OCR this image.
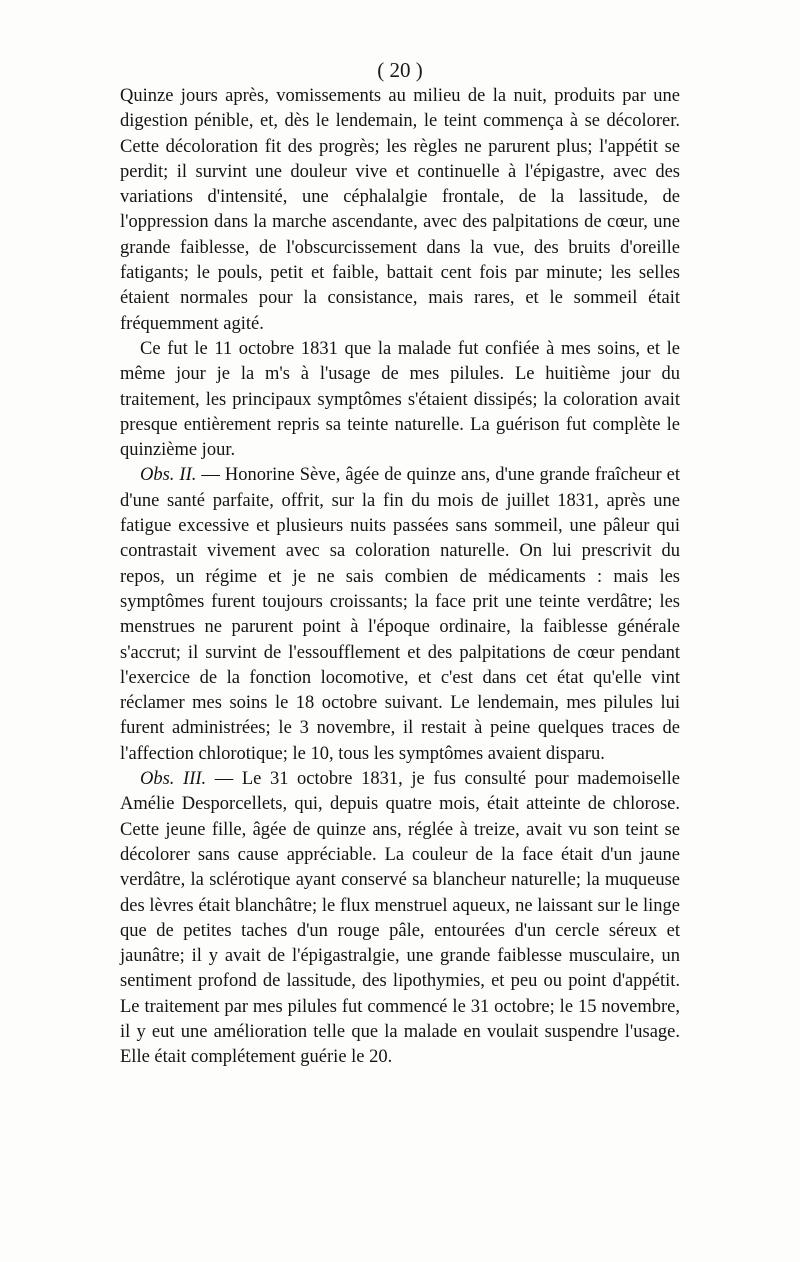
( 20 )

Quinze jours après, vomissements au milieu de la nuit, produits par une digestion pénible, et, dès le lendemain, le teint commença à se décolorer. Cette décoloration fit des progrès; les règles ne parurent plus; l'appétit se perdit; il survint une douleur vive et continuelle à l'épigastre, avec des variations d'intensité, une céphalalgie frontale, de la lassitude, de l'oppression dans la marche ascendante, avec des palpitations de cœur, une grande faiblesse, de l'obscurcissement dans la vue, des bruits d'oreille fatigants; le pouls, petit et faible, battait cent fois par minute; les selles étaient normales pour la consistance, mais rares, et le sommeil était fréquemment agité.

Ce fut le 11 octobre 1831 que la malade fut confiée à mes soins, et le même jour je la m's à l'usage de mes pilules. Le huitième jour du traitement, les principaux symptômes s'étaient dissipés; la coloration avait presque entièrement repris sa teinte naturelle. La guérison fut complète le quinzième jour.

Obs. II. — Honorine Sève, âgée de quinze ans, d'une grande fraîcheur et d'une santé parfaite, offrit, sur la fin du mois de juillet 1831, après une fatigue excessive et plusieurs nuits passées sans sommeil, une pâleur qui contrastait vivement avec sa coloration naturelle. On lui prescrivit du repos, un régime et je ne sais combien de médicaments : mais les symptômes furent toujours croissants; la face prit une teinte verdâtre; les menstrues ne parurent point à l'époque ordinaire, la faiblesse générale s'accrut; il survint de l'essoufflement et des palpitations de cœur pendant l'exercice de la fonction locomotive, et c'est dans cet état qu'elle vint réclamer mes soins le 18 octobre suivant. Le lendemain, mes pilules lui furent administrées; le 3 novembre, il restait à peine quelques traces de l'affection chlorotique; le 10, tous les symptômes avaient disparu.

Obs. III. — Le 31 octobre 1831, je fus consulté pour mademoiselle Amélie Desporcellets, qui, depuis quatre mois, était atteinte de chlorose. Cette jeune fille, âgée de quinze ans, réglée à treize, avait vu son teint se décolorer sans cause appréciable. La couleur de la face était d'un jaune verdâtre, la sclérotique ayant conservé sa blancheur naturelle; la muqueuse des lèvres était blanchâtre; le flux menstruel aqueux, ne laissant sur le linge que de petites taches d'un rouge pâle, entourées d'un cercle séreux et jaunâtre; il y avait de l'épigastralgie, une grande faiblesse musculaire, un sentiment profond de lassitude, des lipothymies, et peu ou point d'appétit. Le traitement par mes pilules fut commencé le 31 octobre; le 15 novembre, il y eut une amélioration telle que la malade en voulait suspendre l'usage. Elle était complétement guérie le 20.
